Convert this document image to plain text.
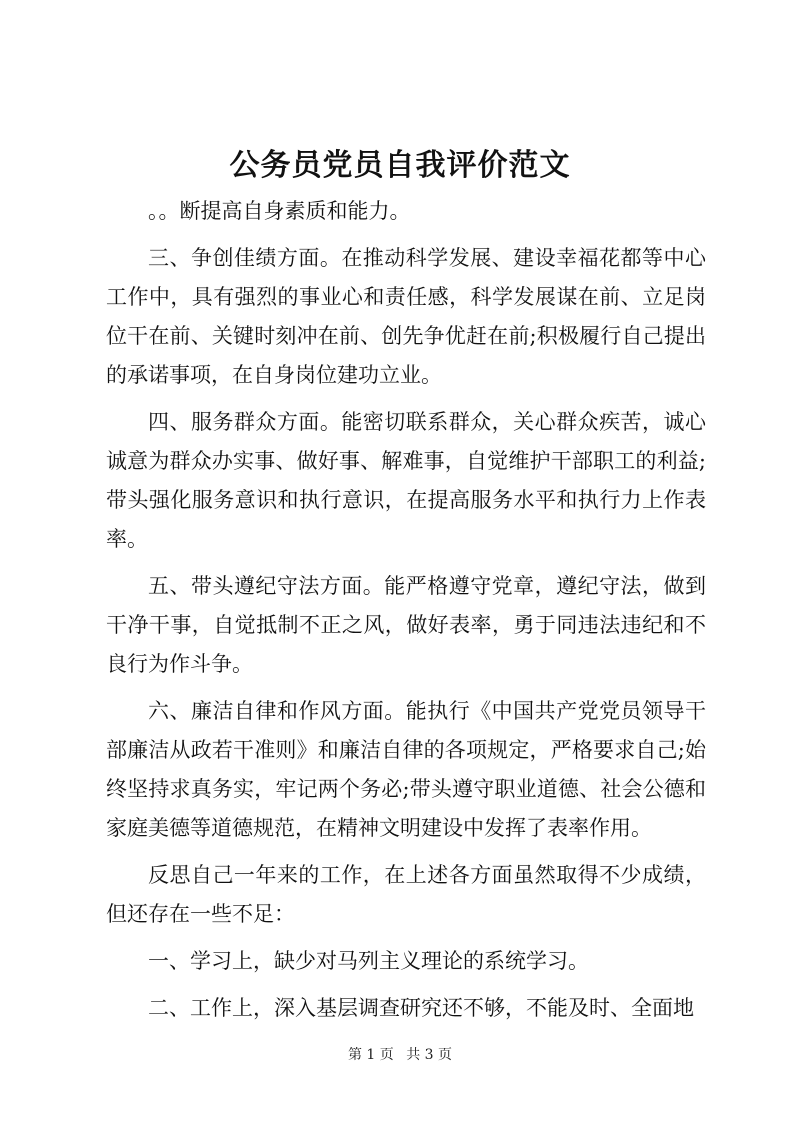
公务员党员自我评价范文

。。断提高自身素质和能力。

三、争创佳绩方面。在推动科学发展、建设幸福花都等中心工作中，具有强烈的事业心和责任感，科学发展谋在前、立足岗位干在前、关键时刻冲在前、创先争优赶在前;积极履行自己提出的承诺事项，在自身岗位建功立业。

四、服务群众方面。能密切联系群众，关心群众疾苦，诚心诚意为群众办实事、做好事、解难事，自觉维护干部职工的利益;带头强化服务意识和执行意识，在提高服务水平和执行力上作表率。

五、带头遵纪守法方面。能严格遵守党章，遵纪守法，做到干净干事，自觉抵制不正之风，做好表率，勇于同违法违纪和不良行为作斗争。

六、廉洁自律和作风方面。能执行《中国共产党党员领导干部廉洁从政若干准则》和廉洁自律的各项规定，严格要求自己;始终坚持求真务实，牢记两个务必;带头遵守职业道德、社会公德和家庭美德等道德规范，在精神文明建设中发挥了表率作用。

反思自己一年来的工作，在上述各方面虽然取得不少成绩，但还存在一些不足：

一、学习上，缺少对马列主义理论的系统学习。

二、工作上，深入基层调查研究还不够，不能及时、全面地

第 1 页 共 3 页
